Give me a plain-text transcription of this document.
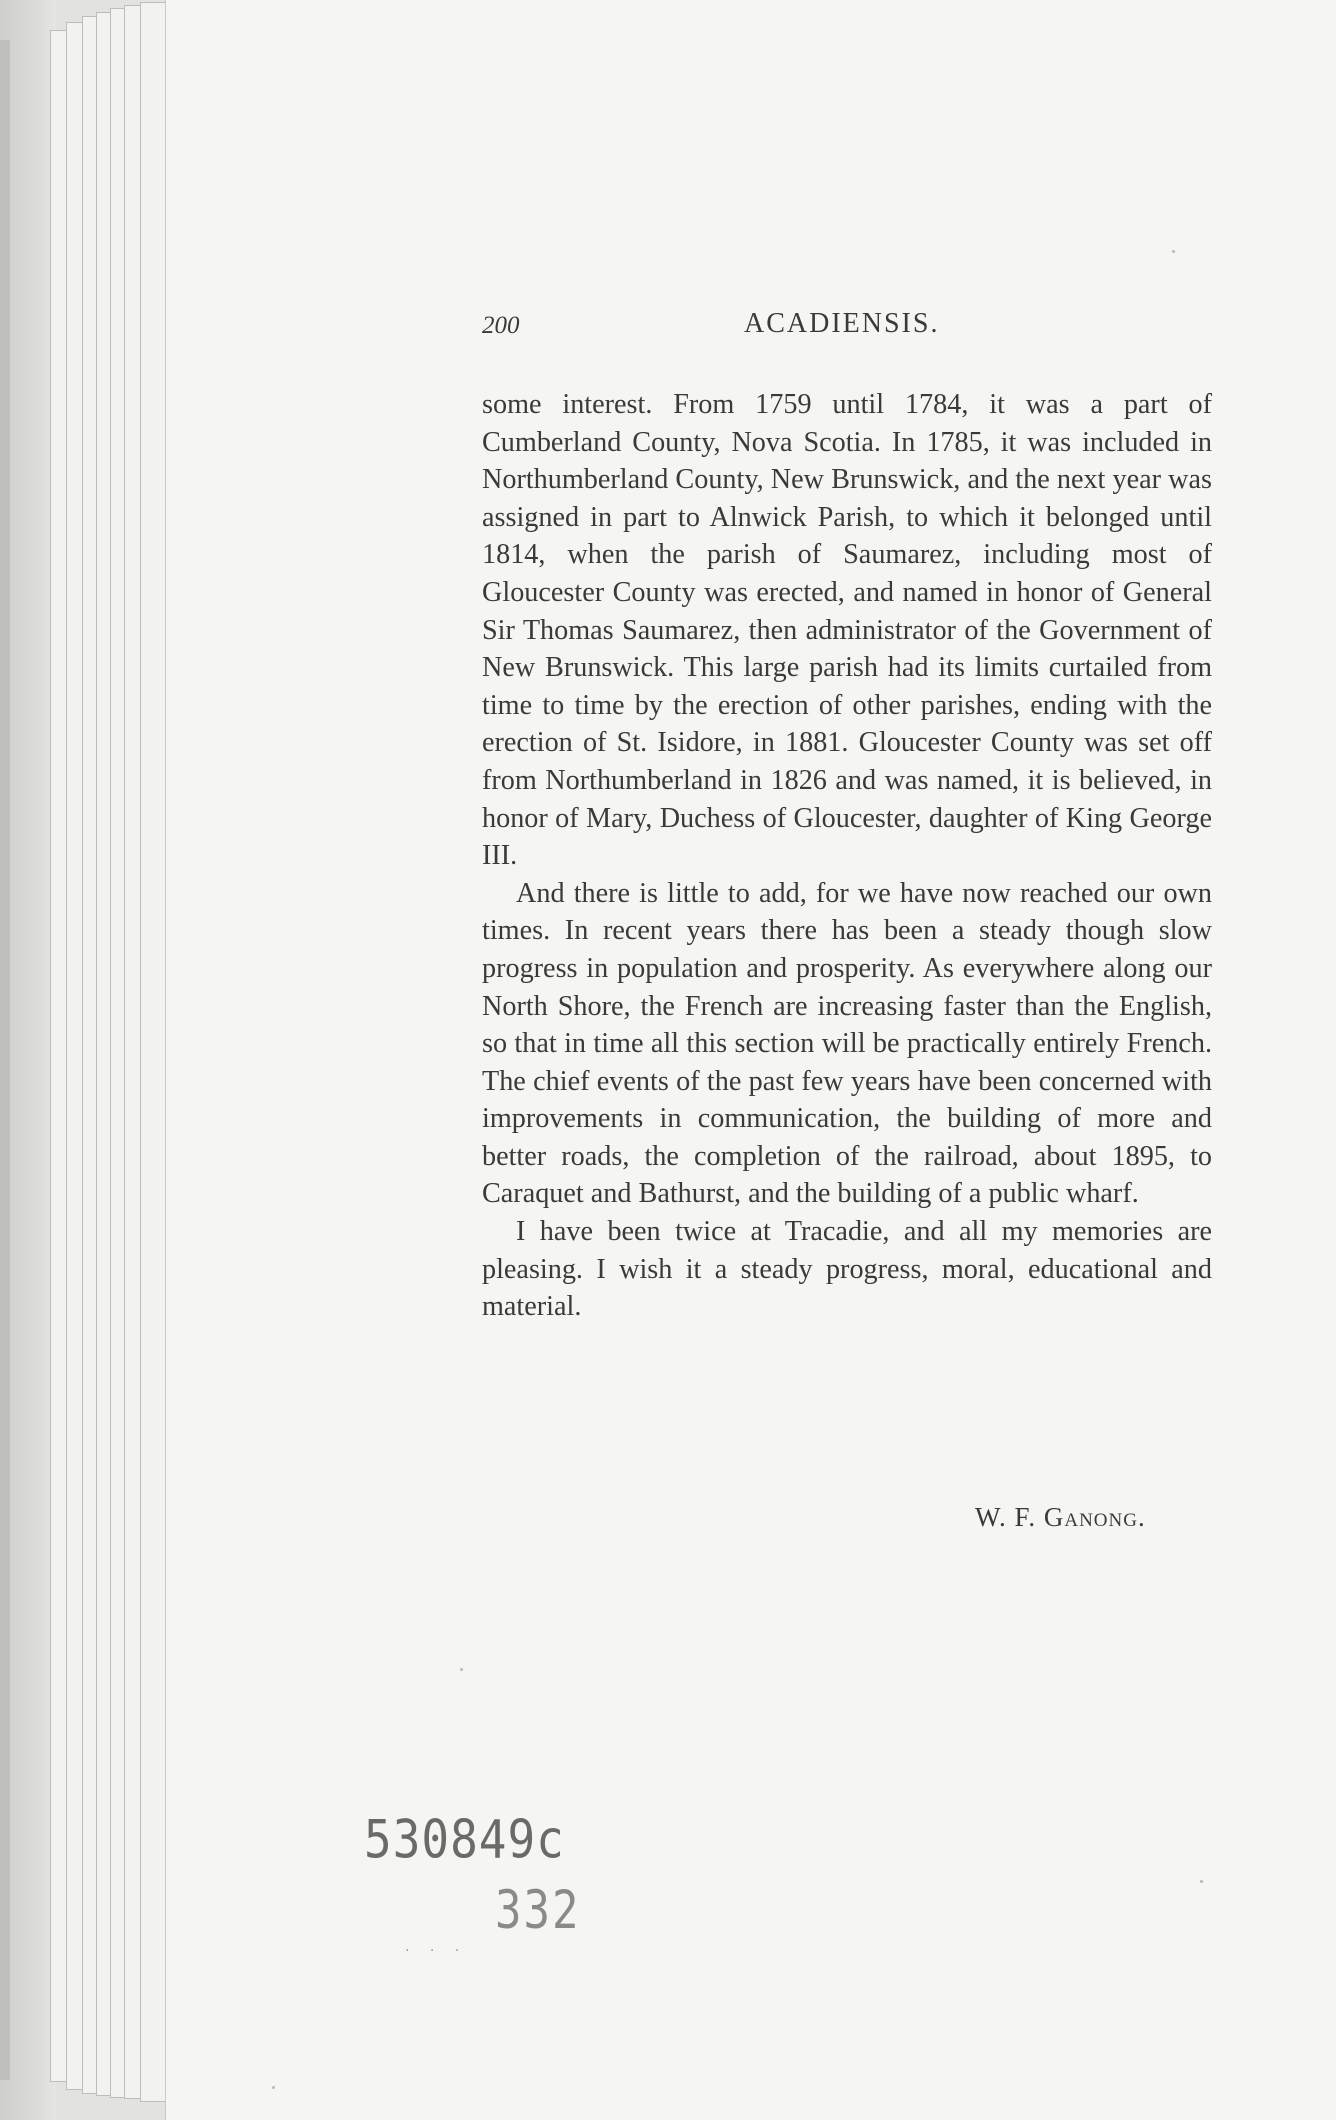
200	ACADIENSIS.

some interest. From 1759 until 1784, it was a part of Cumberland County, Nova Scotia. In 1785, it was included in Northumberland County, New Brunswick, and the next year was assigned in part to Alnwick Parish, to which it belonged until 1814, when the parish of Saumarez, including most of Gloucester County was erected, and named in honor of General Sir Thomas Saumarez, then administrator of the Government of New Brunswick. This large parish had its limits curtailed from time to time by the erection of other parishes, ending with the erection of St. Isidore, in 1881. Gloucester County was set off from Northumberland in 1826 and was named, it is believed, in honor of Mary, Duchess of Gloucester, daughter of King George III.

And there is little to add, for we have now reached our own times. In recent years there has been a steady though slow progress in population and prosperity. As everywhere along our North Shore, the French are increasing faster than the English, so that in time all this section will be practically entirely French. The chief events of the past few years have been concerned with improvements in communication, the building of more and better roads, the completion of the railroad, about 1895, to Caraquet and Bathurst, and the building of a public wharf.

I have been twice at Tracadie, and all my memories are pleasing. I wish it a steady progress, moral, educational and material.

W. F. Ganong.
530849c
332
. . .
